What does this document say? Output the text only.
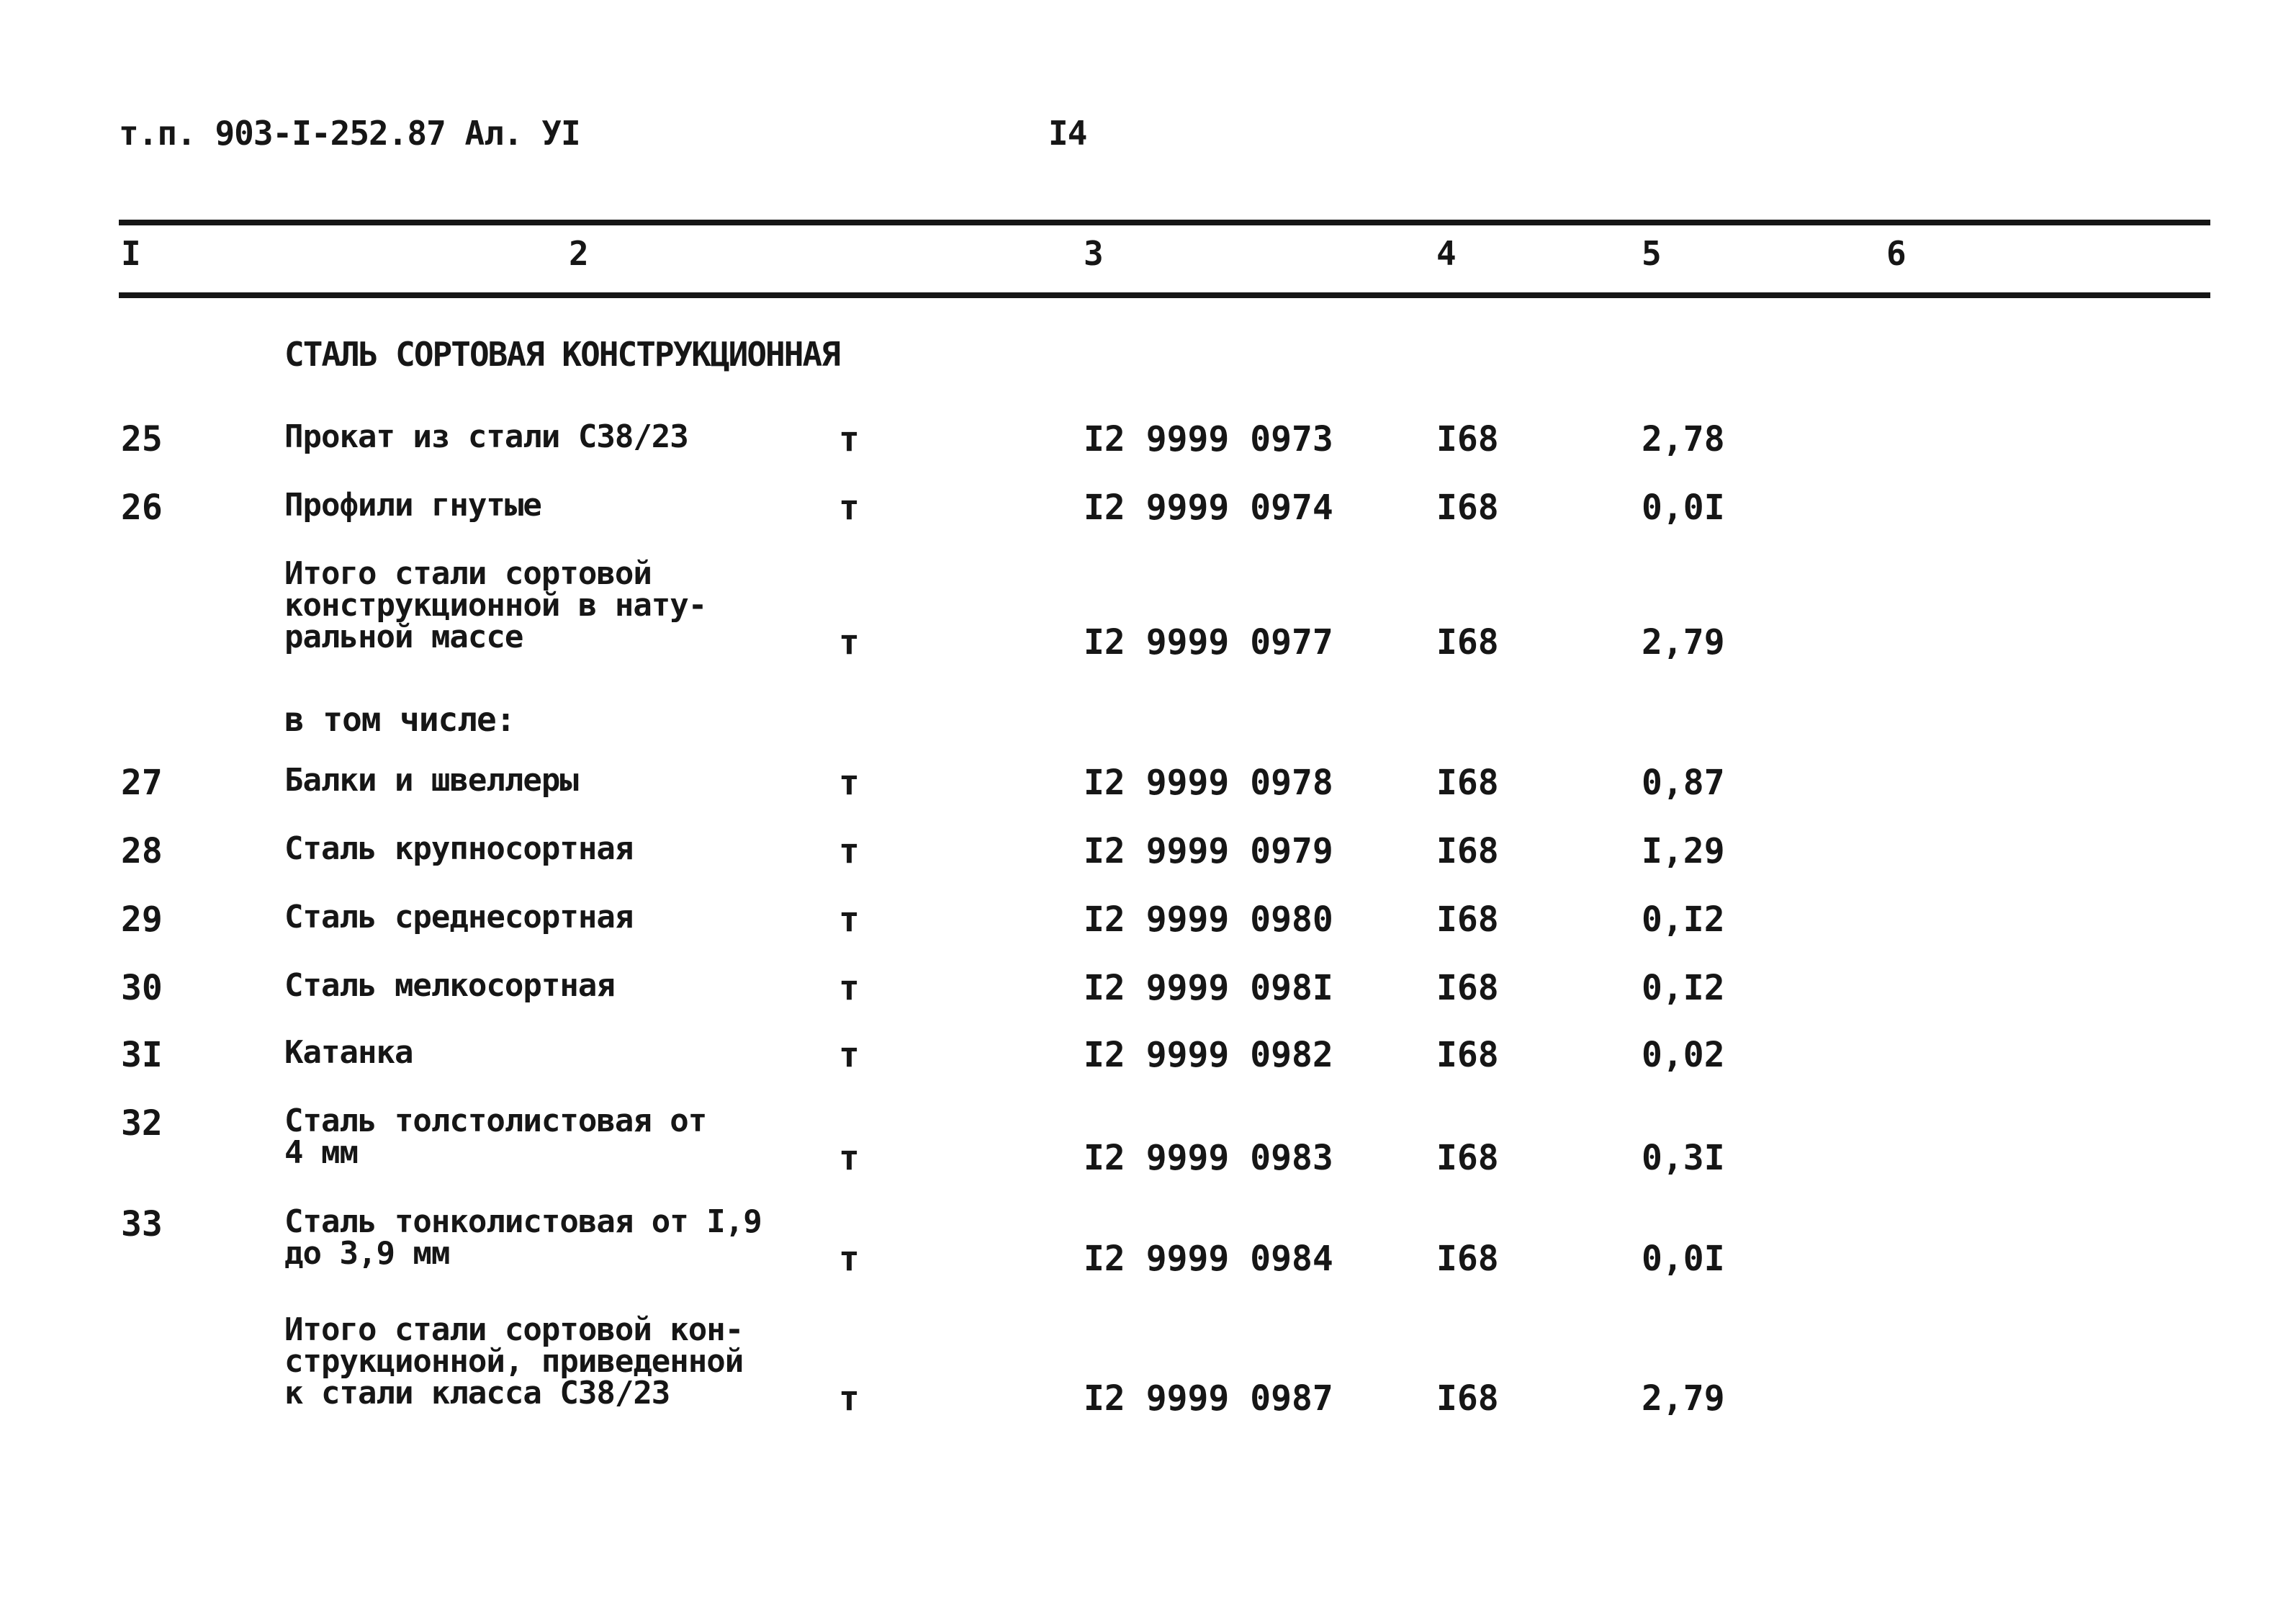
т.п. 903-I-252.87 Ал. УI	I4
I	2	3	4	5	6
СТАЛЬ СОРТОВАЯ КОНСТРУКЦИОННАЯ
в том числе:
25	Прокат из стали С38/23	т	I2 9999 0973	I68	2,78
26	Профили гнутые	т	I2 9999 0974	I68	0,0I
Итого стали сортовой
конструкционной в нату-
ральной массе	т	I2 9999 0977	I68	2,79
27	Балки и швеллеры	т	I2 9999 0978	I68	0,87
28	Сталь крупносортная	т	I2 9999 0979	I68	I,29
29	Сталь среднесортная	т	I2 9999 0980	I68	0,I2
30	Сталь мелкосортная	т	I2 9999 098I	I68	0,I2
3I	Катанка	т	I2 9999 0982	I68	0,02
32	Сталь толстолистовая от
4 мм	т	I2 9999 0983	I68	0,3I
33	Сталь тонколистовая от I,9
до 3,9 мм	т	I2 9999 0984	I68	0,0I
Итого стали сортовой кон-
струкционной, приведенной
к стали класса С38/23	т	I2 9999 0987	I68	2,79
